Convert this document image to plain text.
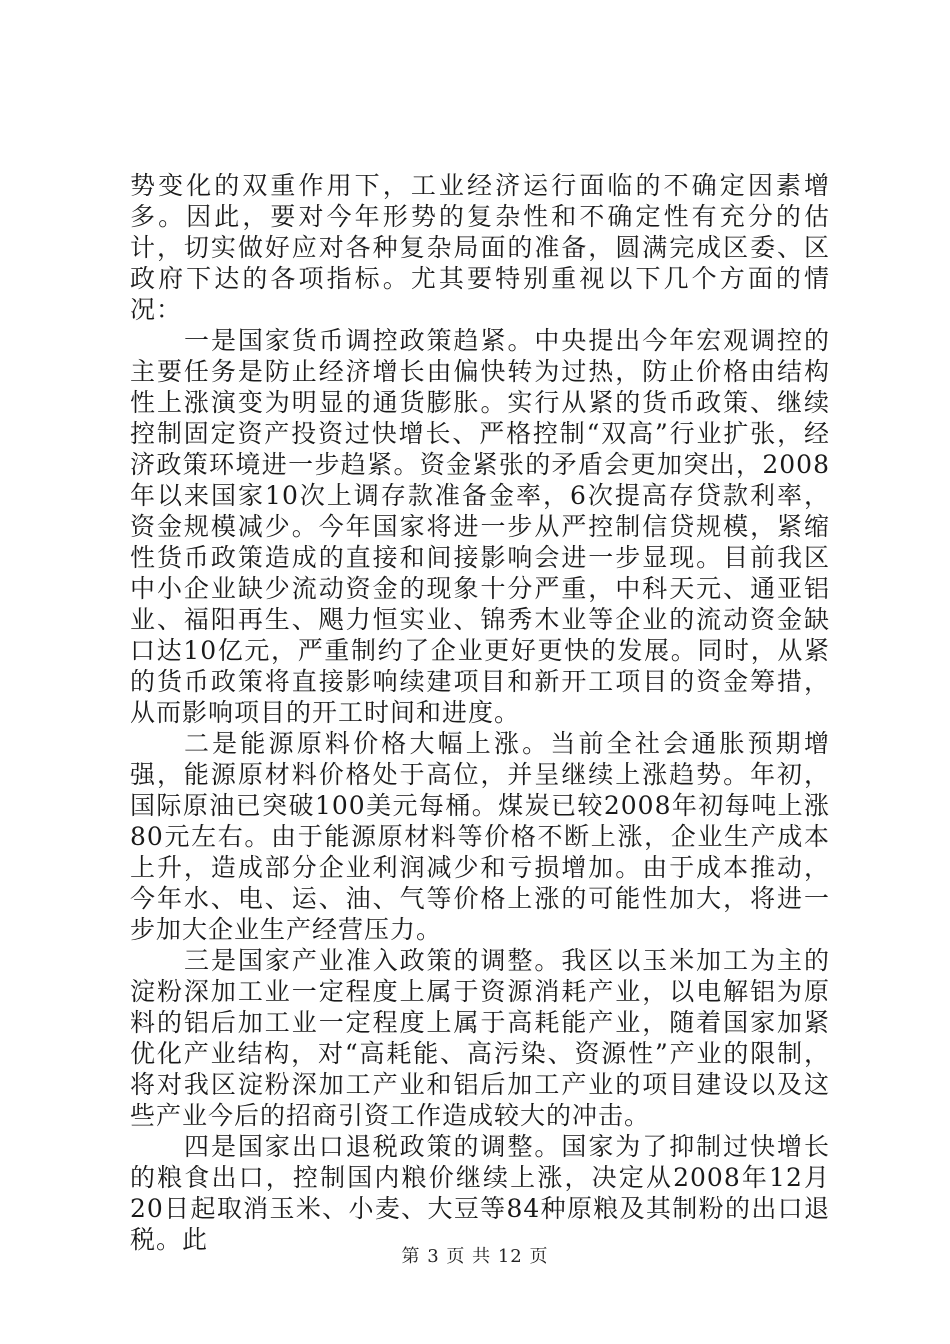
势变化的双重作用下，工业经济运行面临的不确定因素增多。因此，要对今年形势的复杂性和不确定性有充分的估计，切实做好应对各种复杂局面的准备，圆满完成区委、区政府下达的各项指标。尤其要特别重视以下几个方面的情况：

一是国家货币调控政策趋紧。中央提出今年宏观调控的主要任务是防止经济增长由偏快转为过热，防止价格由结构性上涨演变为明显的通货膨胀。实行从紧的货币政策、继续控制固定资产投资过快增长、严格控制“双高”行业扩张，经济政策环境进一步趋紧。资金紧张的矛盾会更加突出，2008年以来国家10次上调存款准备金率，6次提高存贷款利率，资金规模减少。今年国家将进一步从严控制信贷规模，紧缩性货币政策造成的直接和间接影响会进一步显现。目前我区中小企业缺少流动资金的现象十分严重，中科天元、通亚铝业、福阳再生、飓力恒实业、锦秀木业等企业的流动资金缺口达10亿元，严重制约了企业更好更快的发展。同时，从紧的货币政策将直接影响续建项目和新开工项目的资金筹措，从而影响项目的开工时间和进度。

二是能源原料价格大幅上涨。当前全社会通胀预期增强，能源原材料价格处于高位，并呈继续上涨趋势。年初，国际原油已突破100美元每桶。煤炭已较2008年初每吨上涨80元左右。由于能源原材料等价格不断上涨，企业生产成本上升，造成部分企业利润减少和亏损增加。由于成本推动，今年水、电、运、油、气等价格上涨的可能性加大，将进一步加大企业生产经营压力。

三是国家产业准入政策的调整。我区以玉米加工为主的淀粉深加工业一定程度上属于资源消耗产业，以电解铝为原料的铝后加工业一定程度上属于高耗能产业，随着国家加紧优化产业结构，对“高耗能、高污染、资源性”产业的限制，将对我区淀粉深加工产业和铝后加工产业的项目建设以及这些产业今后的招商引资工作造成较大的冲击。

四是国家出口退税政策的调整。国家为了抑制过快增长的粮食出口，控制国内粮价继续上涨，决定从2008年12月20日起取消玉米、小麦、大豆等84种原粮及其制粉的出口退税。此

第 3 页 共 12 页
